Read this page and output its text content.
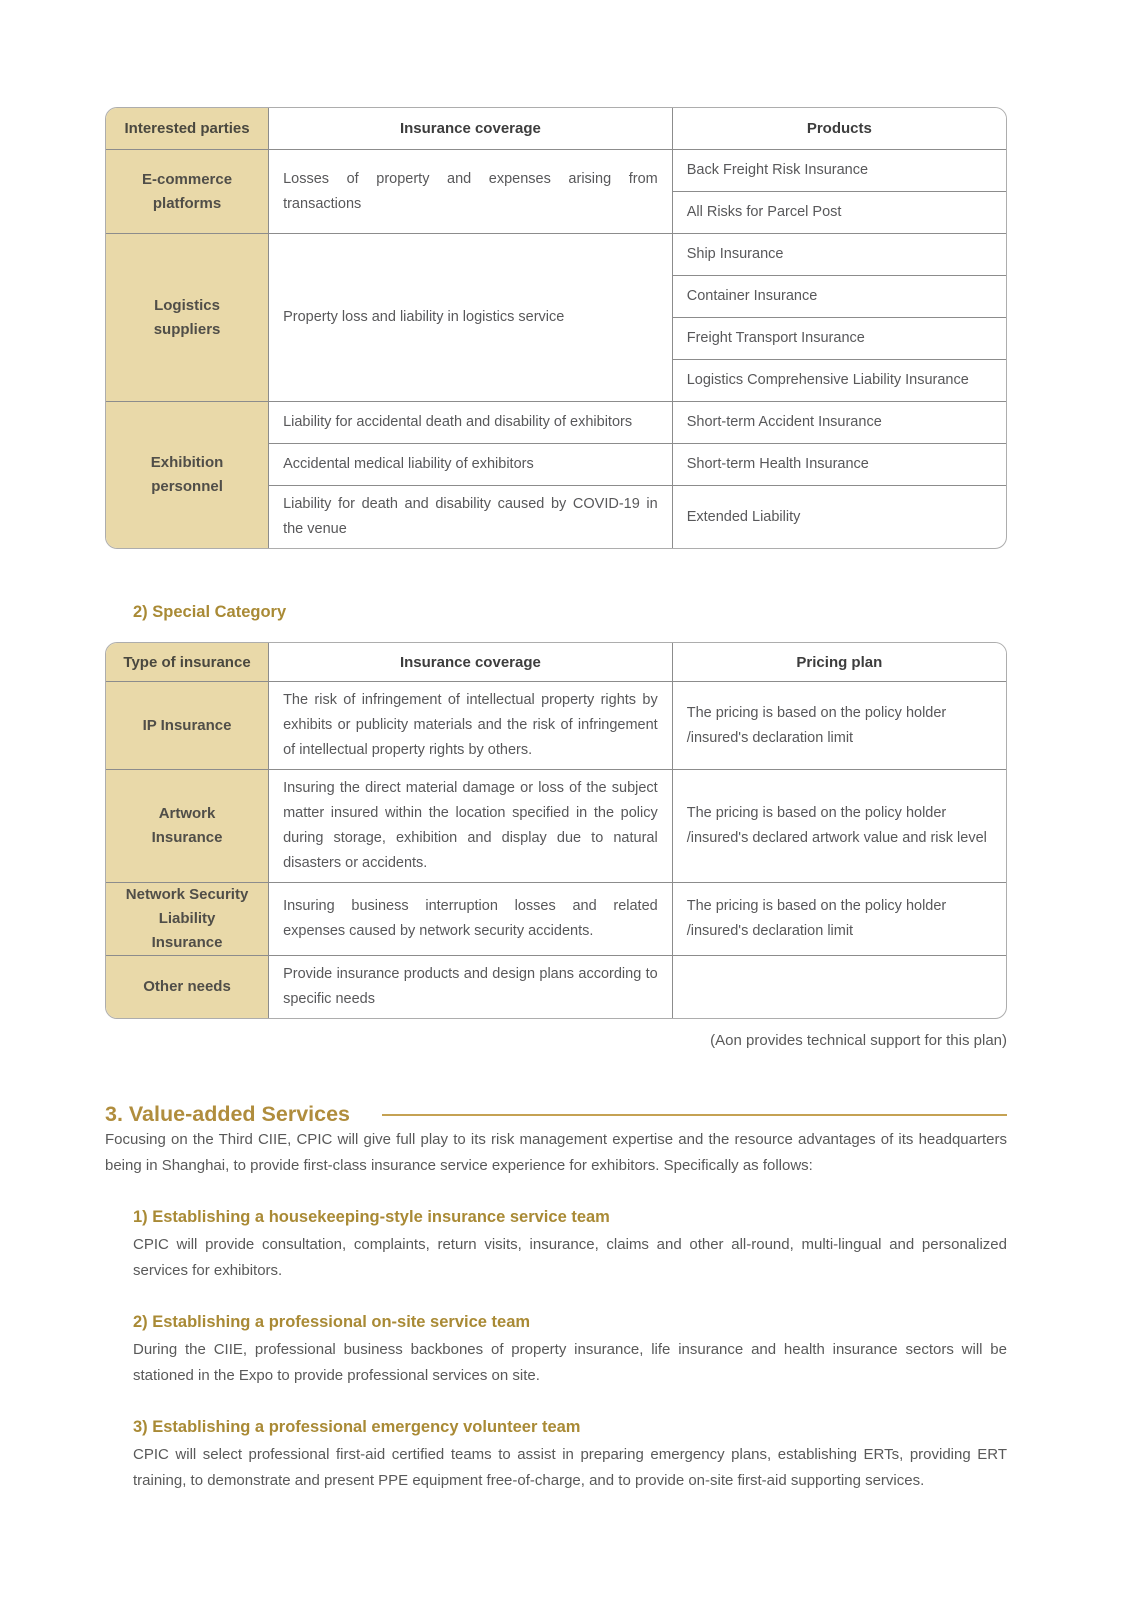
Interested parties	Insurance coverage	Products
E-commerce platforms	Losses of property and expenses arising from transactions	Back Freight Risk Insurance
		All Risks for Parcel Post
Logistics suppliers	Property loss and liability in logistics service	Ship Insurance
		Container Insurance
		Freight Transport Insurance
		Logistics Comprehensive Liability Insurance
Exhibition personnel	Liability for accidental death and disability of exhibitors	Short-term Accident Insurance
	Accidental medical liability of exhibitors	Short-term Health Insurance
	Liability for death and disability caused by COVID-19 in the venue	Extended Liability
2) Special Category
Type of insurance	Insurance coverage	Pricing plan
IP Insurance	The risk of infringement of intellectual property rights by exhibits or publicity materials and the risk of infringement of intellectual property rights by others.	The pricing is based on the policy holder /insured's declaration limit
Artwork Insurance	Insuring the direct material damage or loss of the subject matter insured within the location specified in the policy during storage, exhibition and display due to natural disasters or accidents.	The pricing is based on the policy holder /insured's declared artwork value and risk level
Network Security Liability Insurance	Insuring business interruption losses and related expenses caused by network security accidents.	The pricing is based on the policy holder /insured's declaration limit
Other needs	Provide insurance products and design plans according to specific needs	
(Aon provides technical support for this plan)
3. Value-added Services

Focusing on the Third CIIE, CPIC will give full play to its risk management expertise and the resource advantages of its headquarters being in Shanghai, to provide first-class insurance service experience for exhibitors. Specifically as follows:

1) Establishing a housekeeping-style insurance service team

CPIC will provide consultation, complaints, return visits, insurance, claims and other all-round, multi-lingual and personalized services for exhibitors.

2) Establishing a professional on-site service team

During the CIIE, professional business backbones of property insurance, life insurance and health insurance sectors will be stationed in the Expo to provide professional services on site.

3) Establishing a professional emergency volunteer team

CPIC will select professional first-aid certified teams to assist in preparing emergency plans, establishing ERTs, providing ERT training, to demonstrate and present PPE equipment free-of-charge, and to provide on-site first-aid supporting services.
